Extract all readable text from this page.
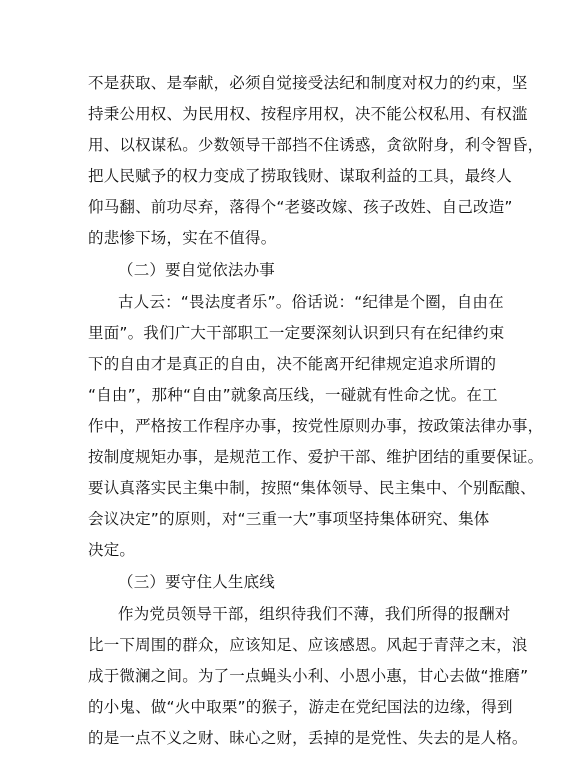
不是获取、是奉献，必须自觉接受法纪和制度对权力的约束，坚
持秉公用权、为民用权、按程序用权，决不能公权私用、有权滥
用、以权谋私。少数领导干部挡不住诱惑，贪欲附身，利令智昏，
把人民赋予的权力变成了捞取钱财、谋取利益的工具，最终人
仰马翻、前功尽弃，落得个“老婆改嫁、孩子改姓、自己改造”
的悲惨下场，实在不值得。
（二）要自觉依法办事
古人云：“畏法度者乐”。俗话说：“纪律是个圈，自由在
里面”。我们广大干部职工一定要深刻认识到只有在纪律约束
下的自由才是真正的自由，决不能离开纪律规定追求所谓的
“自由”，那种“自由”就象高压线，一碰就有性命之忧。在工
作中，严格按工作程序办事，按党性原则办事，按政策法律办事，
按制度规矩办事，是规范工作、爱护干部、维护团结的重要保证。
要认真落实民主集中制，按照“集体领导、民主集中、个别酝酿、
会议决定”的原则，对“三重一大”事项坚持集体研究、集体
决定。
（三）要守住人生底线
作为党员领导干部，组织待我们不薄，我们所得的报酬对
比一下周围的群众，应该知足、应该感恩。风起于青萍之末，浪
成于微澜之间。为了一点蝇头小利、小恩小惠，甘心去做“推磨”
的小鬼、做“火中取栗”的猴子，游走在党纪国法的边缘，得到
的是一点不义之财、昧心之财，丢掉的是党性、失去的是人格。
